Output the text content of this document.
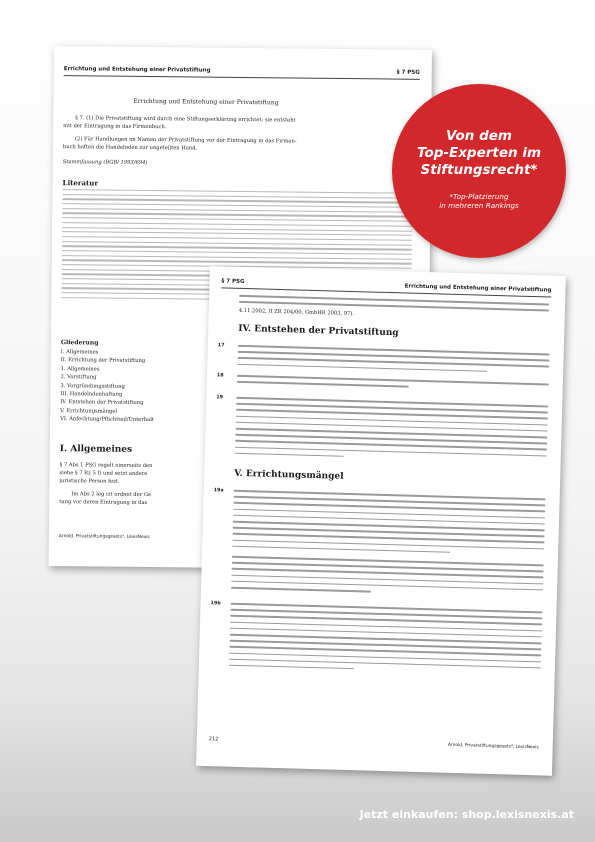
Errichtung und Entstehung einer Privatstiftung	§ 7 PSG
Errichtung und Entstehung einer Privatstiftung
§ 7. (1) Die Privatstiftung wird durch eine Stiftungserklärung errichtet; sie entsteht
mit der Eintragung in das Firmenbuch.
(2) Für Handlungen im Namen der Privatstiftung vor der Eintragung in das Firmen-
buch haften die Handelnden zur ungeteilten Hand.
Stammfassung (BGBl 1993/694)
Literatur
Gliederung
I. Allgemeines
II. Errichtung der Privatstiftung
1. Allgemeines
2. Vorstiftung
3. Vorgründungsstiftung
III. Handelndenhaftung
IV. Entstehen der Privatstiftung
V. Errichtungsmängel
VI. Anfechtung/Pflichtteil/Unterhalt
I. Allgemeines
§ 7 Abs 1 PSG regelt einerseits den
siehe § 7 Rz 5 f) und setzt andere
juristische Person fest.
Im Abs 2 leg cit ordnet der Ge
tung vor deren Eintragung in das
Arnold, Privatstiftungsgesetz³, LexisNexis
§ 7 PSG
Errichtung und Entstehung einer Privatstiftung
4.11.2002, II ZR 204/00, GmbHR 2003, 97).
IV. Entstehen der Privatstiftung
17
18
19
V. Errichtungsmängel
19a
19b
212
Arnold, Privatstiftungsgesetz³, LexisNexis
Von dem
Top-Experten im
Stiftungsrecht*
*Top-Platzierung
in mehreren Rankings
Jetzt einkaufen: shop.lexisnexis.at
